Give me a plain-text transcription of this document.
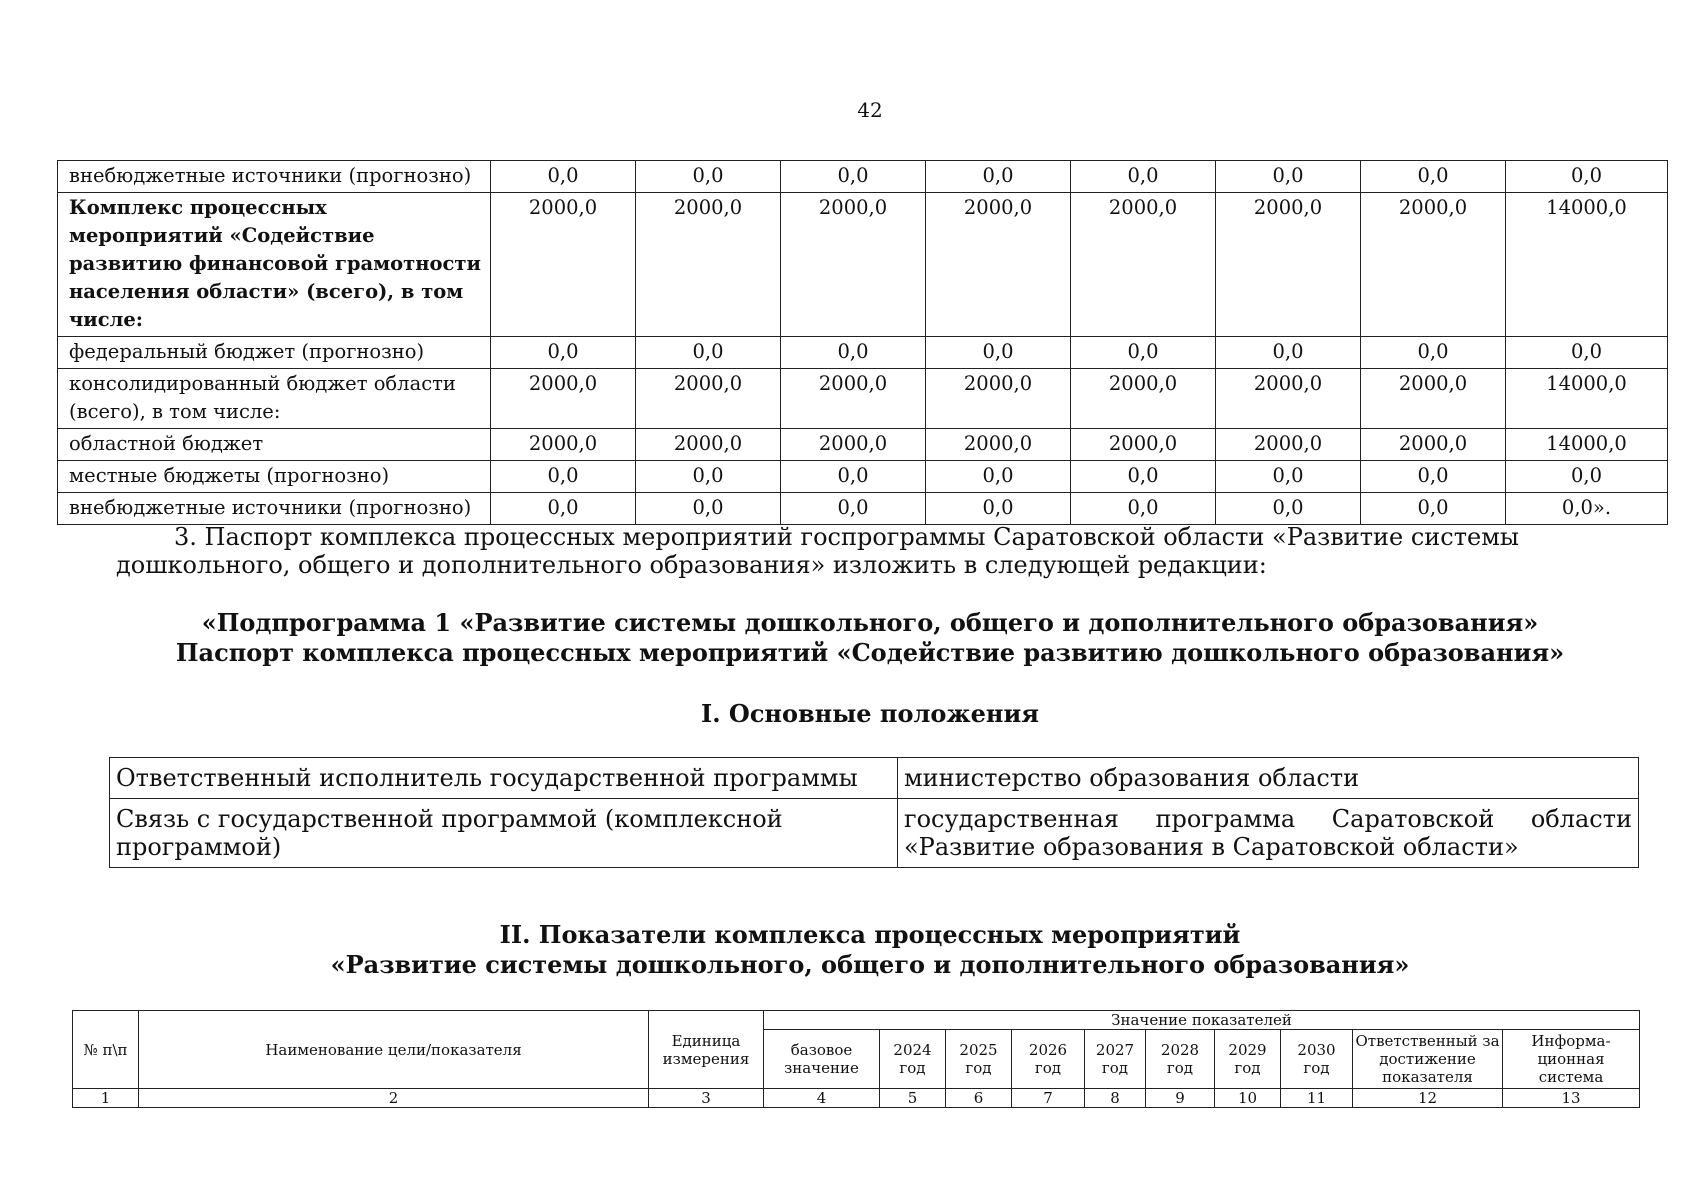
42
внебюджетные источники (прогнозно)	0,0	0,0	0,0	0,0	0,0	0,0	0,0	0,0
Комплекс процессных мероприятий «Содействие развитию финансовой грамотности населения области» (всего), в том числе:	2000,0	2000,0	2000,0	2000,0	2000,0	2000,0	2000,0	14000,0
федеральный бюджет (прогнозно)	0,0	0,0	0,0	0,0	0,0	0,0	0,0	0,0
консолидированный бюджет области (всего), в том числе:	2000,0	2000,0	2000,0	2000,0	2000,0	2000,0	2000,0	14000,0
областной бюджет	2000,0	2000,0	2000,0	2000,0	2000,0	2000,0	2000,0	14000,0
местные бюджеты (прогнозно)	0,0	0,0	0,0	0,0	0,0	0,0	0,0	0,0
внебюджетные источники (прогнозно)	0,0	0,0	0,0	0,0	0,0	0,0	0,0	0,0».
3. Паспорт комплекса процессных мероприятий госпрограммы Саратовской области «Развитие системы дошкольного, общего и дополнительного образования» изложить в следующей редакции:
«Подпрограмма 1 «Развитие системы дошкольного, общего и дополнительного образования»
Паспорт комплекса процессных мероприятий «Содействие развитию дошкольного образования»
I. Основные положения
Ответственный исполнитель государственной программы	министерство образования области
Связь с государственной программой (комплексной программой)	государственная программа Саратовской области
«Развитие образования в Саратовской области»
II. Показатели комплекса процессных мероприятий
«Развитие системы дошкольного, общего и дополнительного образования»
№ п\п	Наименование цели/показателя	Единица измерения	Значение показателей									
			базовое значение	2024 год	2025 год	2026 год	2027 год	2028 год	2029 год	2030 год	Ответственный за достижение показателя	Информа-ционная система
1	2	3	4	5	6	7	8	9	10	11	12	13
